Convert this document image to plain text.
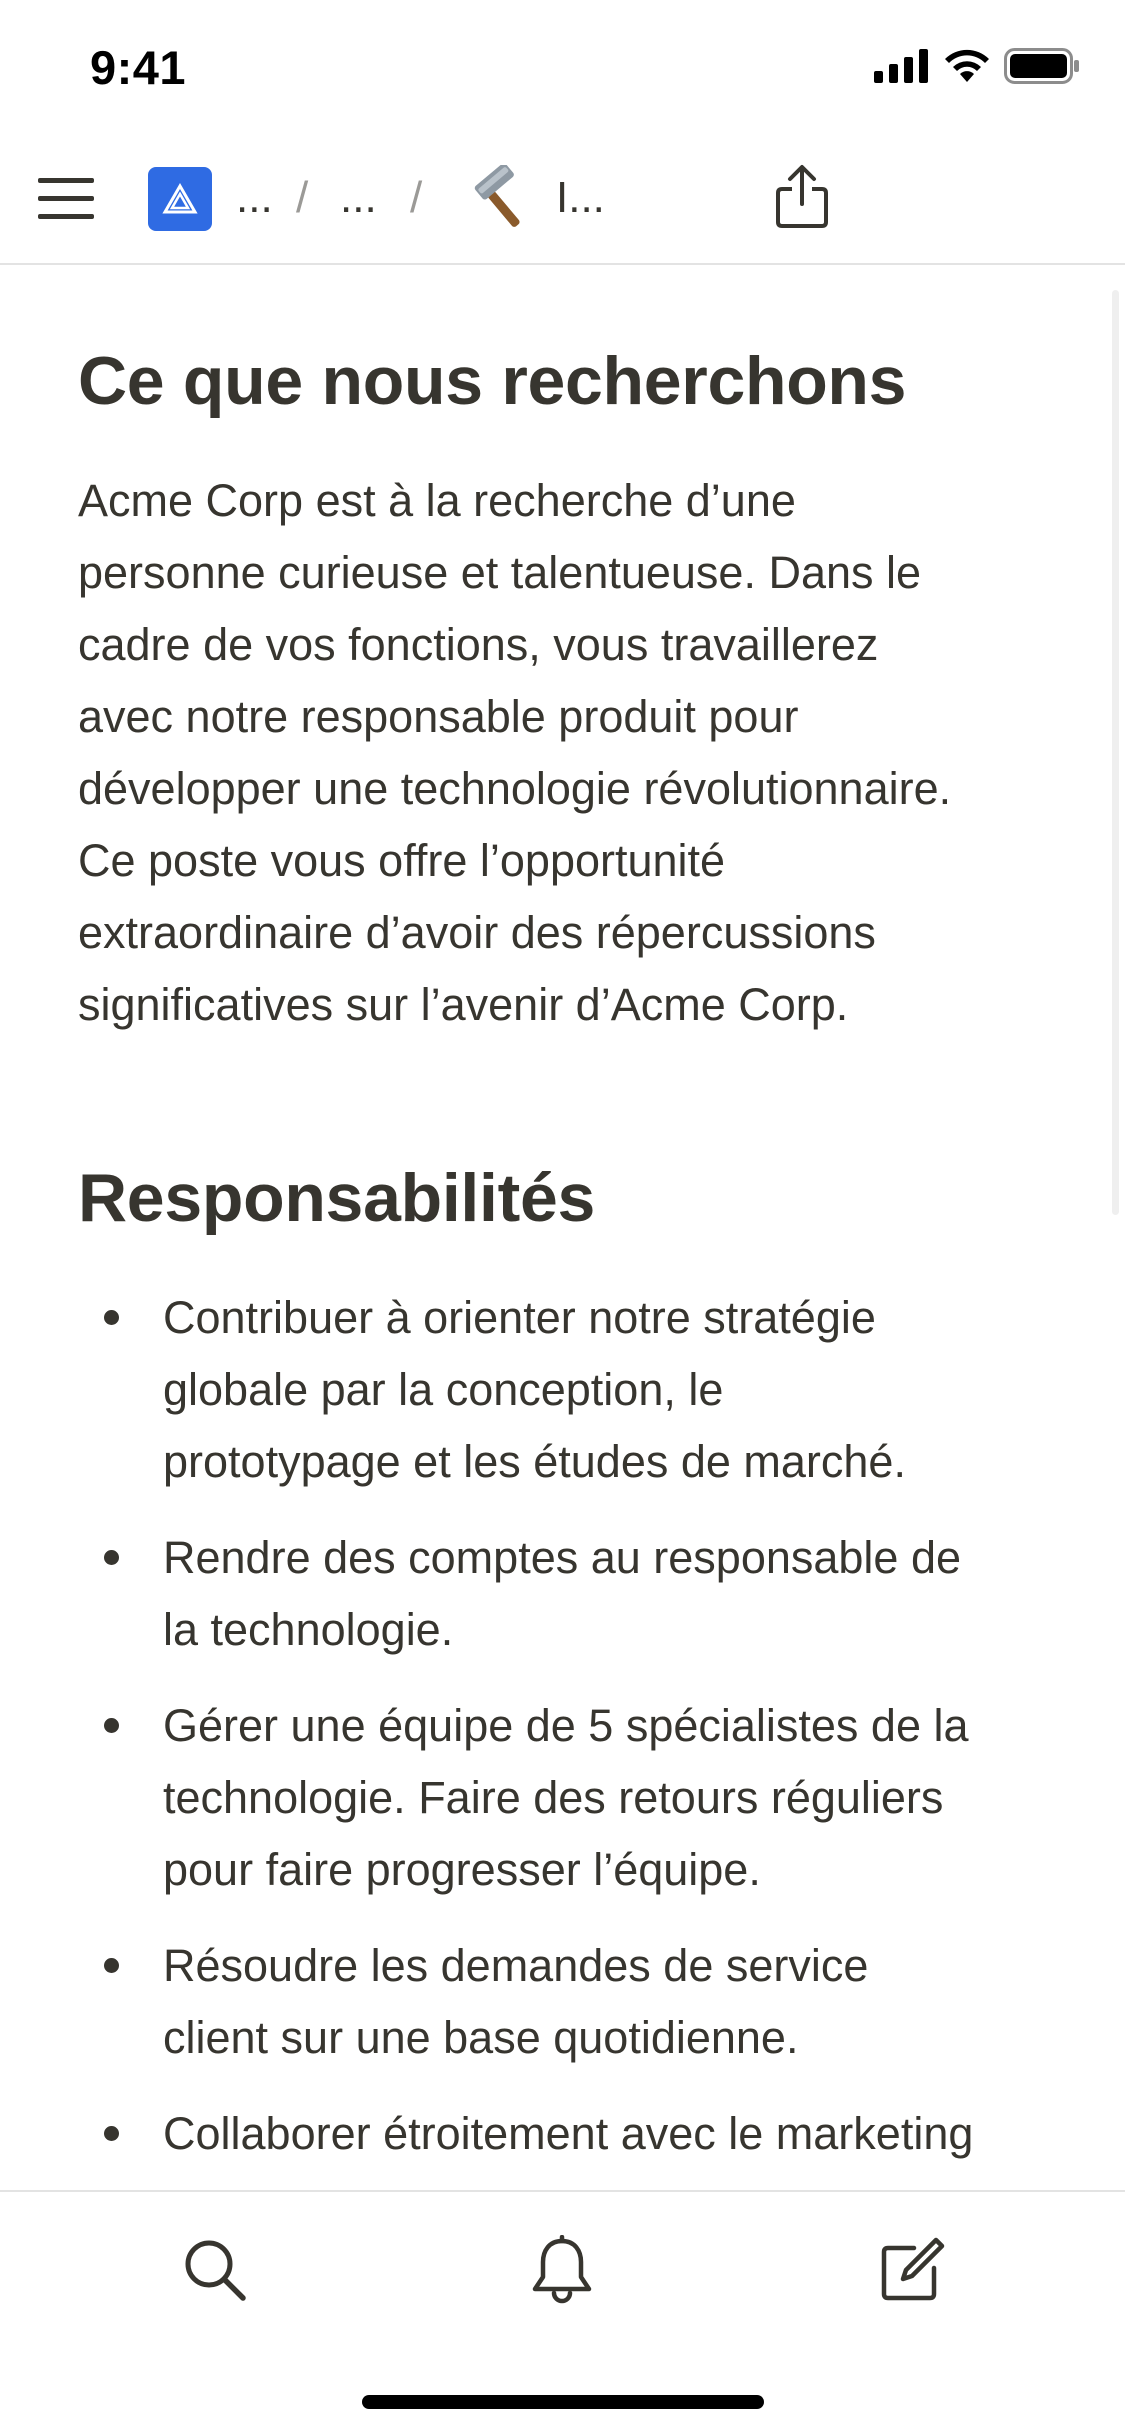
9:41
... / ... /	I...
Ce que nous recherchons
Acme Corp est à la recherche d’une
personne curieuse et talentueuse. Dans le
cadre de vos fonctions, vous travaillerez
avec notre responsable produit pour
développer une technologie révolutionnaire.
Ce poste vous offre l’opportunité
extraordinaire d’avoir des répercussions
significatives sur l’avenir d’Acme Corp.
Responsabilités
Contribuer à orienter notre stratégie
globale par la conception, le
prototypage et les études de marché.
Rendre des comptes au responsable de
la technologie.
Gérer une équipe de 5 spécialistes de la
technologie. Faire des retours réguliers
pour faire progresser l’équipe.
Résoudre les demandes de service
client sur une base quotidienne.
Collaborer étroitement avec le marketing
